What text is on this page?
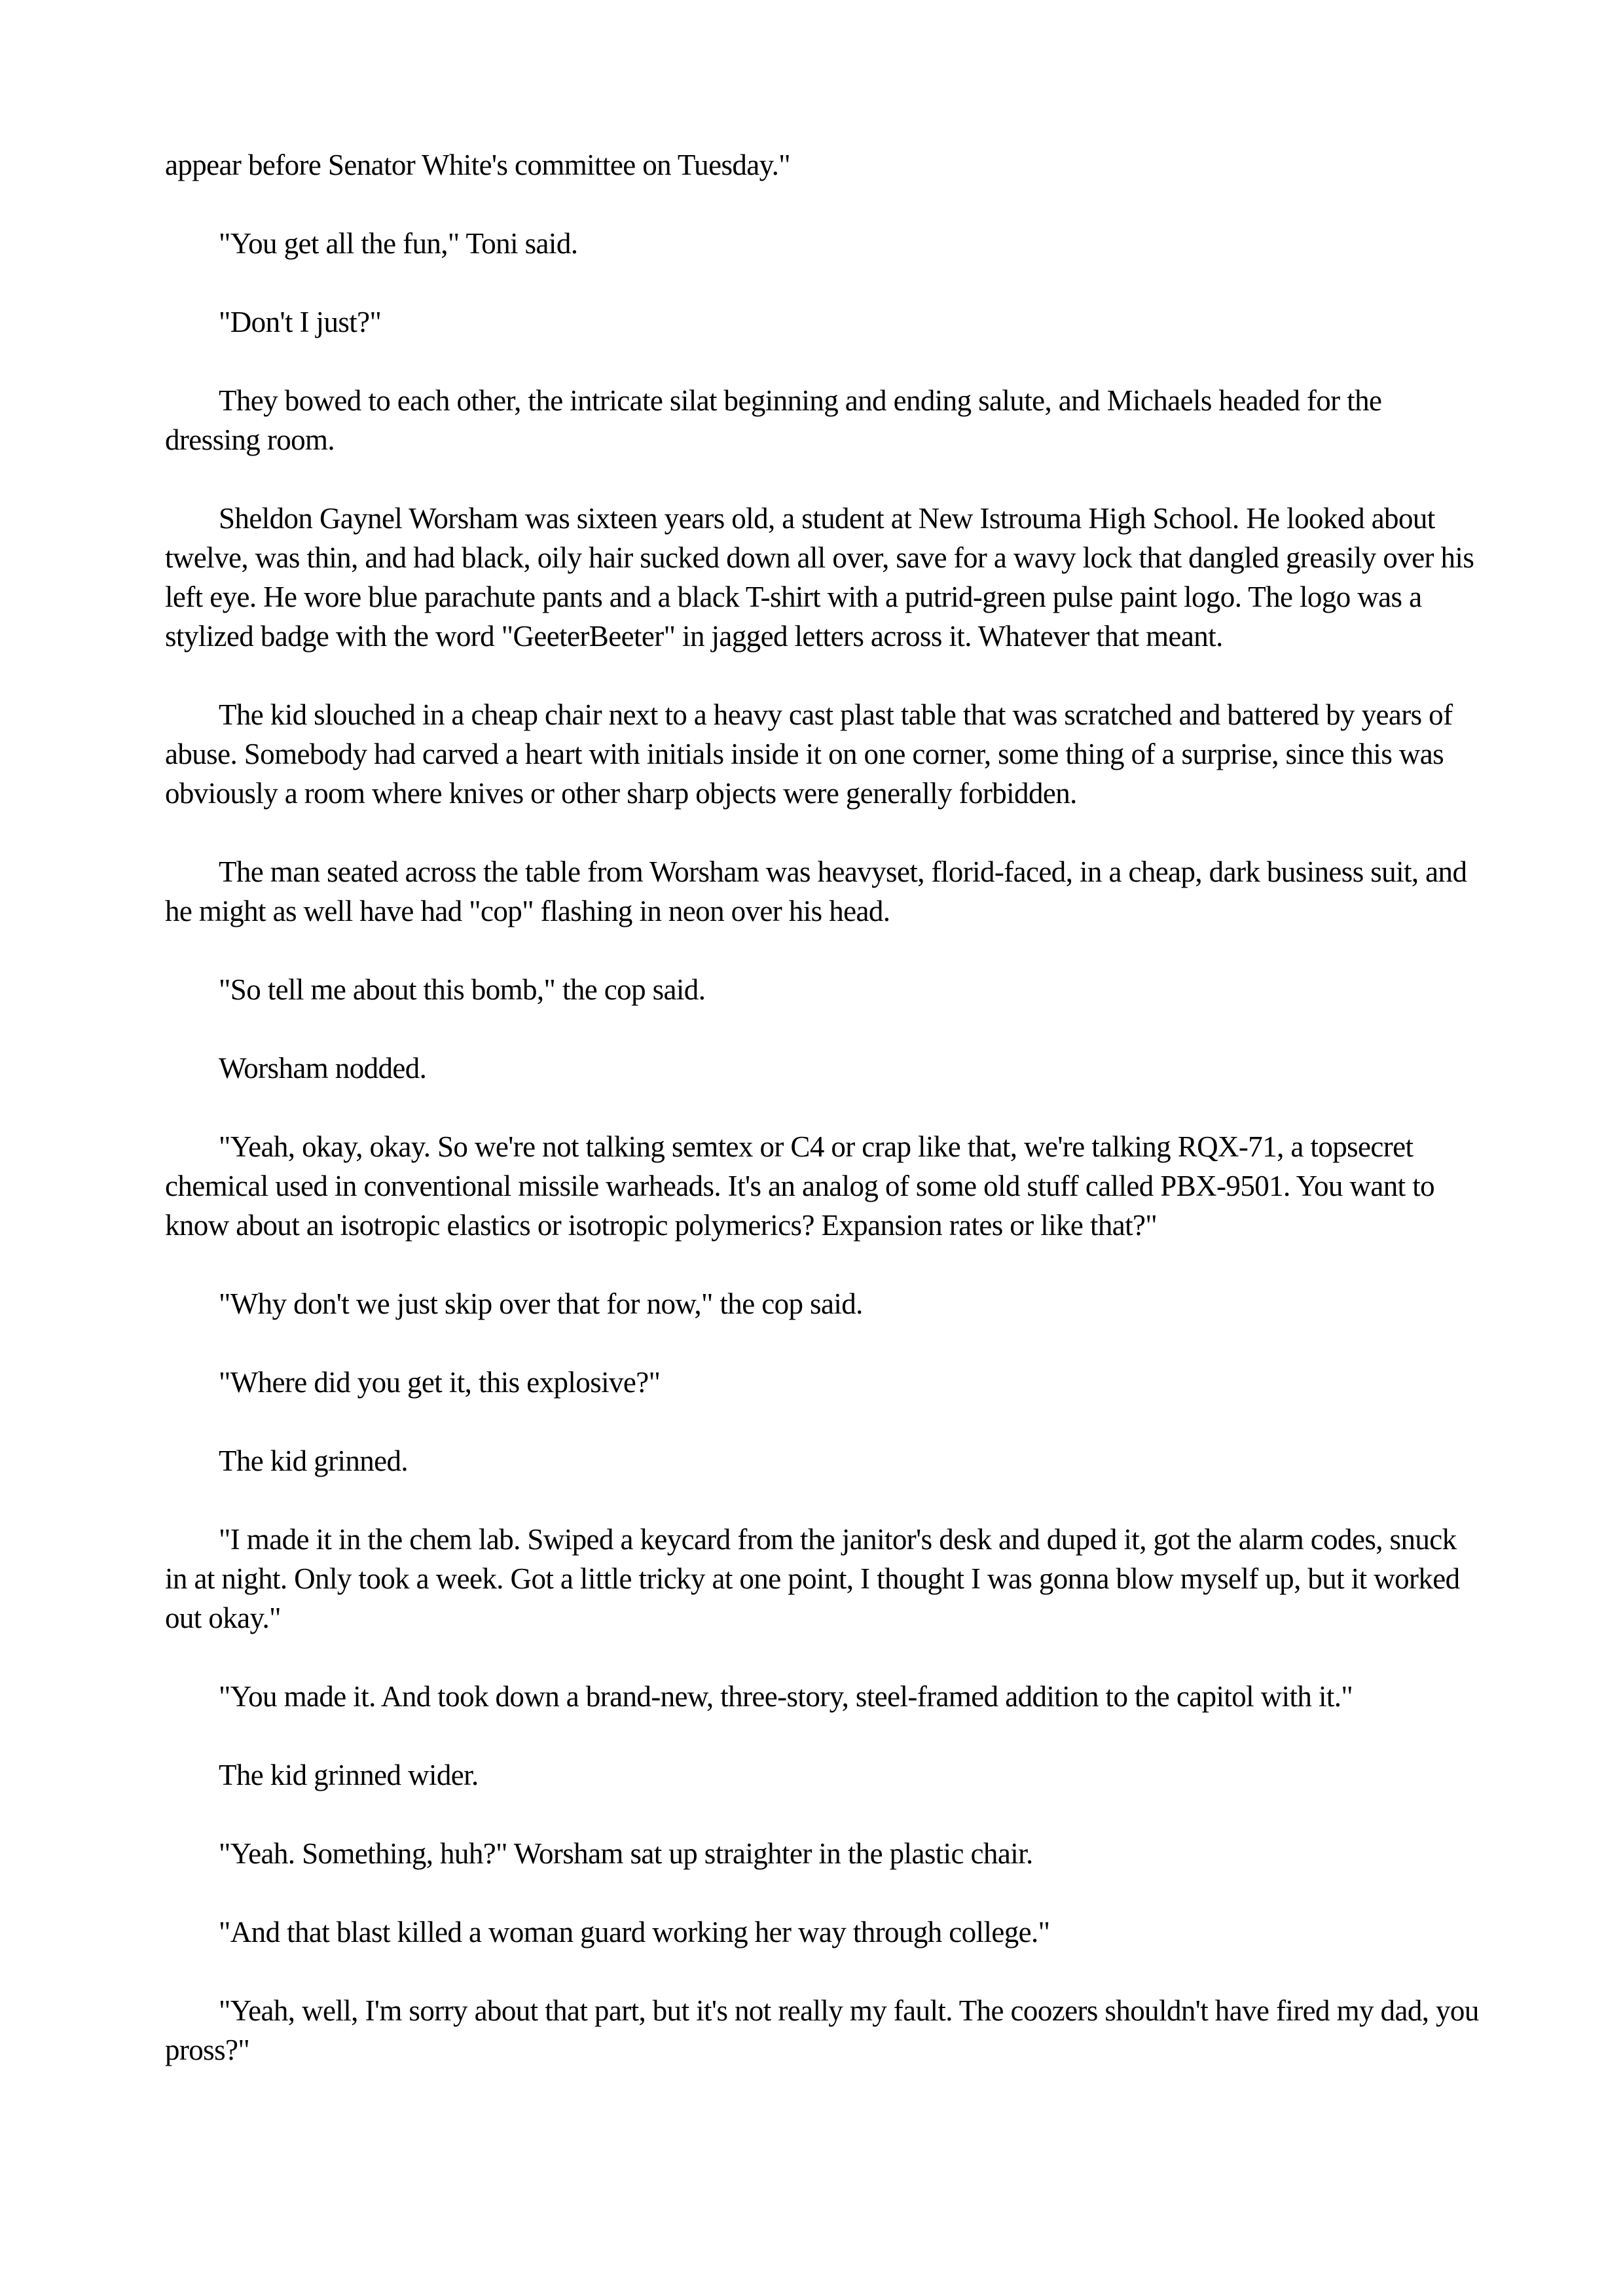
appear before Senator White's committee on Tuesday."

"You get all the fun," Toni said.

"Don't I just?"

They bowed to each other, the intricate silat beginning and ending salute, and Michaels headed for the dressing room.

Sheldon Gaynel Worsham was sixteen years old, a student at New Istrouma High School. He looked about twelve, was thin, and had black, oily hair sucked down all over, save for a wavy lock that dangled greasily over his left eye. He wore blue parachute pants and a black T-shirt with a putrid-green pulse paint logo. The logo was a stylized badge with the word "GeeterBeeter" in jagged letters across it. Whatever that meant.

The kid slouched in a cheap chair next to a heavy cast plast table that was scratched and battered by years of abuse. Somebody had carved a heart with initials inside it on one corner, some thing of a surprise, since this was obviously a room where knives or other sharp objects were generally forbidden.

The man seated across the table from Worsham was heavyset, florid-faced, in a cheap, dark business suit, and he might as well have had "cop" flashing in neon over his head.

"So tell me about this bomb," the cop said.

Worsham nodded.

"Yeah, okay, okay. So we're not talking semtex or C4 or crap like that, we're talking RQX-71, a topsecret chemical used in conventional missile warheads. It's an analog of some old stuff called PBX-9501. You want to know about an isotropic elastics or isotropic polymerics? Expansion rates or like that?"

"Why don't we just skip over that for now," the cop said.

"Where did you get it, this explosive?"

The kid grinned.

"I made it in the chem lab. Swiped a keycard from the janitor's desk and duped it, got the alarm codes, snuck in at night. Only took a week. Got a little tricky at one point, I thought I was gonna blow myself up, but it worked out okay."

"You made it. And took down a brand-new, three-story, steel-framed addition to the capitol with it."

The kid grinned wider.

"Yeah. Something, huh?" Worsham sat up straighter in the plastic chair.

"And that blast killed a woman guard working her way through college."

"Yeah, well, I'm sorry about that part, but it's not really my fault. The coozers shouldn't have fired my dad, you pross?"
